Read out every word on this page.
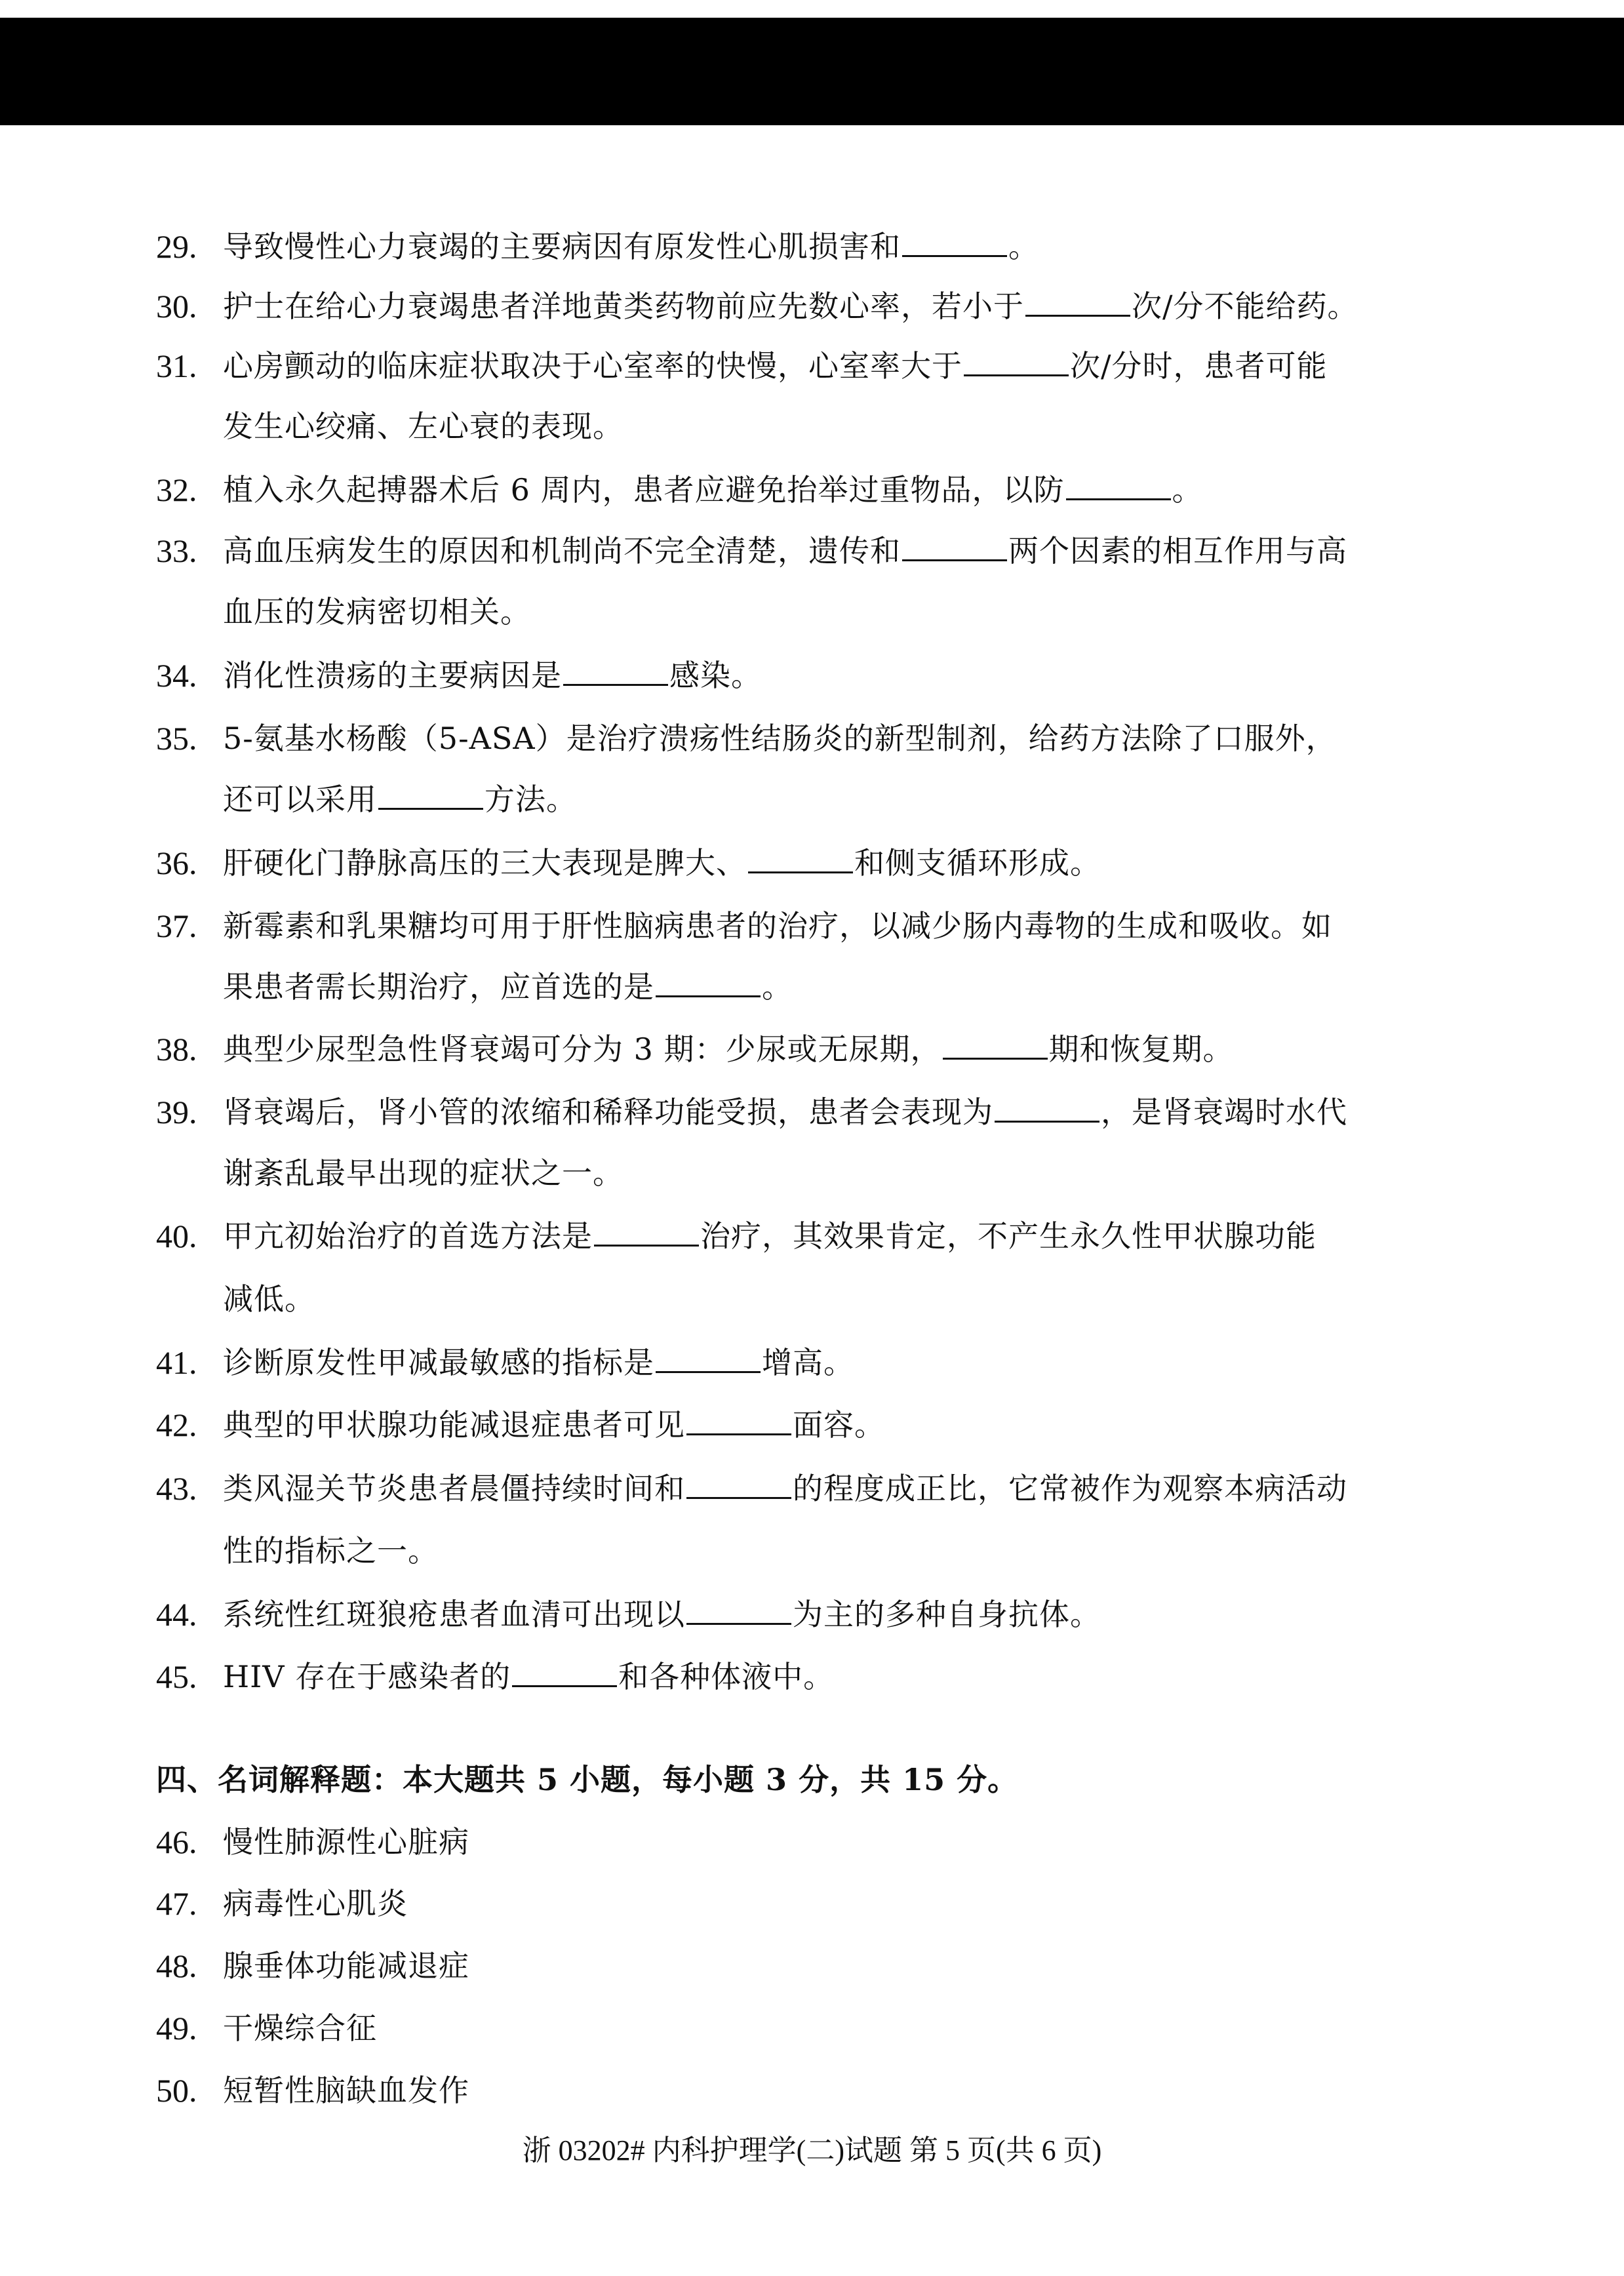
29. 导致慢性心力衰竭的主要病因有原发性心肌损害和	。
30. 护士在给心力衰竭患者洋地黄类药物前应先数心率，若小于	次/分不能给药。
31. 心房颤动的临床症状取决于心室率的快慢，心室率大于	次/分时，患者可能
发生心绞痛、左心衰的表现。
32. 植入永久起搏器术后 6 周内，患者应避免抬举过重物品，以防	。
33. 高血压病发生的原因和机制尚不完全清楚，遗传和	两个因素的相互作用与高
血压的发病密切相关。
34. 消化性溃疡的主要病因是	感染。
35. 5-氨基水杨酸（5-ASA）是治疗溃疡性结肠炎的新型制剂，给药方法除了口服外，
还可以采用	方法。
36. 肝硬化门静脉高压的三大表现是脾大、	和侧支循环形成。
37. 新霉素和乳果糖均可用于肝性脑病患者的治疗，以减少肠内毒物的生成和吸收。如
果患者需长期治疗，应首选的是	。
38. 典型少尿型急性肾衰竭可分为 3 期：少尿或无尿期，	期和恢复期。
39. 肾衰竭后，肾小管的浓缩和稀释功能受损，患者会表现为	，是肾衰竭时水代
谢紊乱最早出现的症状之一。
40. 甲亢初始治疗的首选方法是	治疗，其效果肯定，不产生永久性甲状腺功能
减低。
41. 诊断原发性甲减最敏感的指标是	增高。
42. 典型的甲状腺功能减退症患者可见	面容。
43. 类风湿关节炎患者晨僵持续时间和	的程度成正比，它常被作为观察本病活动
性的指标之一。
44. 系统性红斑狼疮患者血清可出现以	为主的多种自身抗体。
45. HIV 存在于感染者的	和各种体液中。
四、名词解释题：本大题共 5 小题，每小题 3 分，共 15 分。
46. 慢性肺源性心脏病
47. 病毒性心肌炎
48. 腺垂体功能减退症
49. 干燥综合征
50. 短暂性脑缺血发作
浙 03202# 内科护理学(二)试题 第 5 页(共 6 页)
